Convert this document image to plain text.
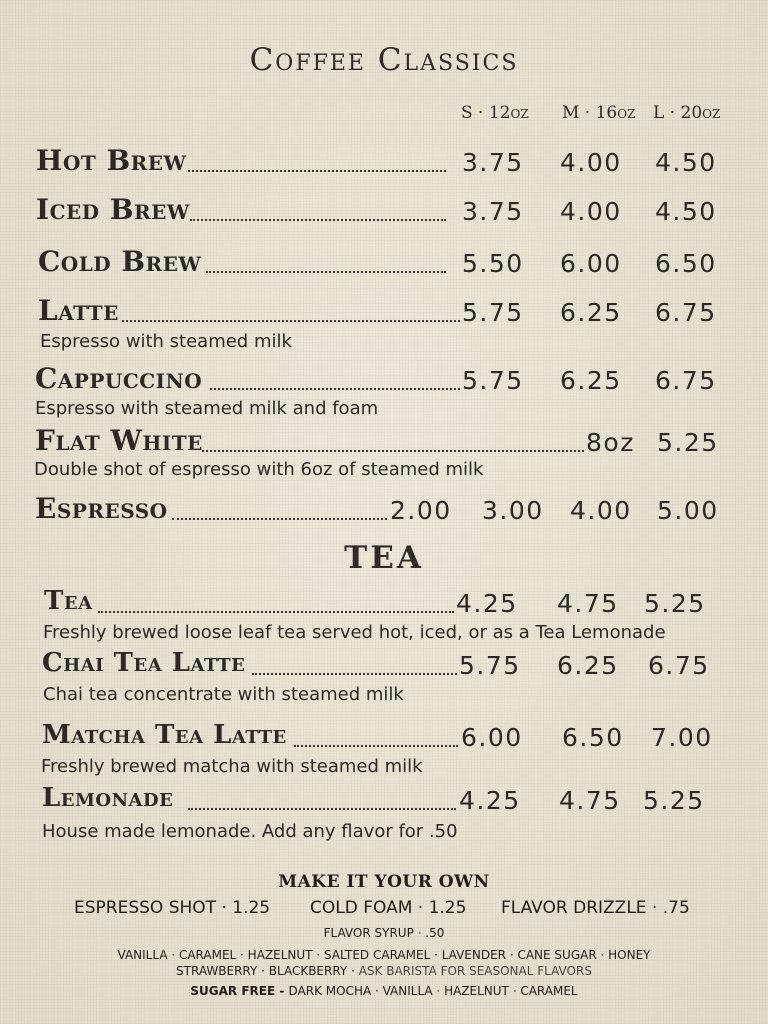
Coffee Classics
S · 12oz M · 16oz L · 20oz
Hot Brew	3.75 4.00 4.50
Iced Brew	3.75 4.00 4.50
Cold Brew	5.50 6.00 6.50
Latte	5.75 6.25 6.75
Espresso with steamed milk
Cappuccino	5.75 6.25 6.75
Espresso with steamed milk and foam
Flat White	8oz 5.25
Double shot of espresso with 6oz of steamed milk
Espresso	2.00 3.00 4.00 5.00
TEA
Tea	4.25 4.75 5.25
Freshly brewed loose leaf tea served hot, iced, or as a Tea Lemonade
Chai Tea Latte	5.75 6.25 6.75
Chai tea concentrate with steamed milk
Matcha Tea Latte	6.00 6.50 7.00
Freshly brewed matcha with steamed milk
Lemonade	4.25 4.75 5.25
House made lemonade. Add any flavor for .50
MAKE IT YOUR OWN
ESPRESSO SHOT · 1.25 COLD FOAM · 1.25 FLAVOR DRIZZLE · .75
FLAVOR SYRUP · .50
VANILLA · CARAMEL · HAZELNUT · SALTED CARAMEL · LAVENDER · CANE SUGAR · HONEY
STRAWBERRY · BLACKBERRY · ASK BARISTA FOR SEASONAL FLAVORS
SUGAR FREE - DARK MOCHA · VANILLA · HAZELNUT · CARAMEL
